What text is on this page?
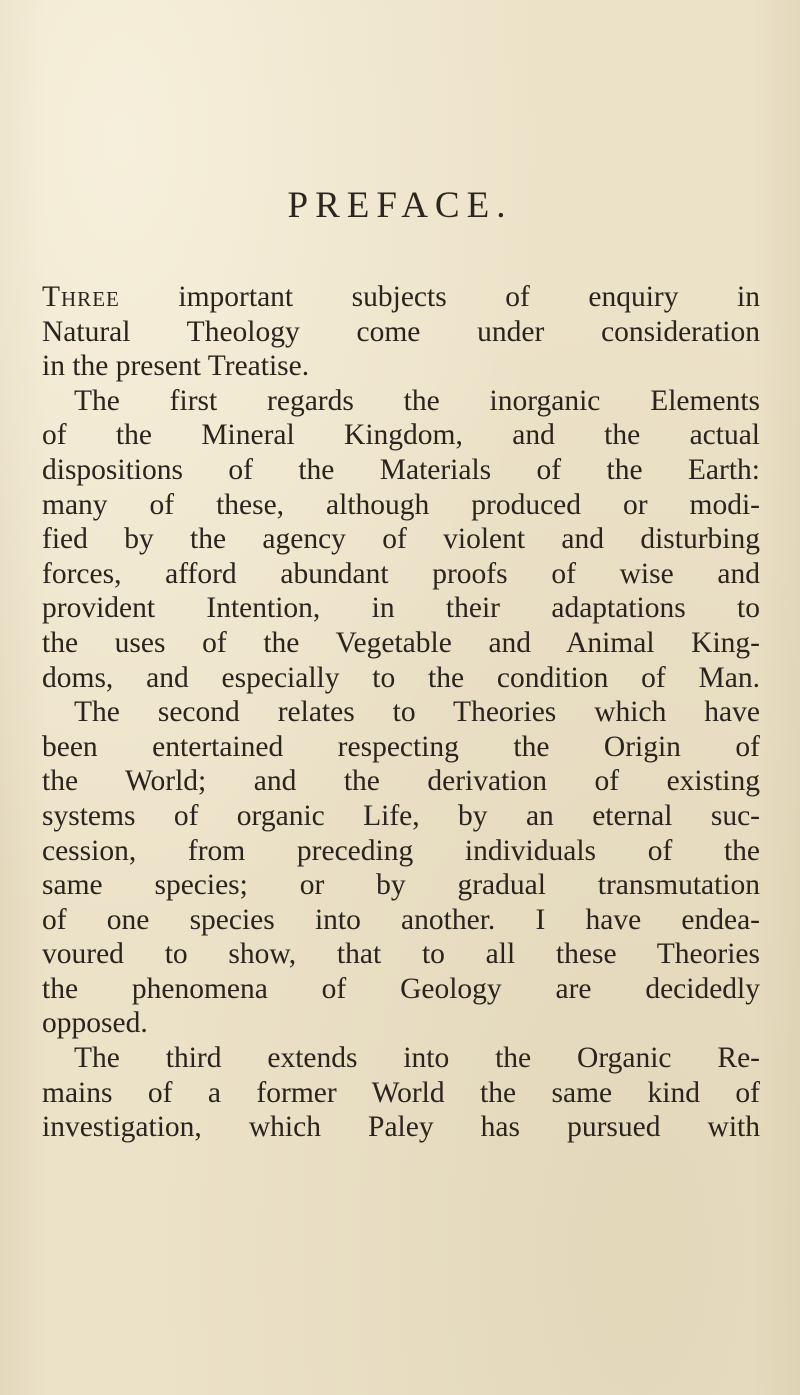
PREFACE.
Three important subjects of enquiry in
Natural Theology come under consideration
in the present Treatise.
The first regards the inorganic Elements
of the Mineral Kingdom, and the actual
dispositions of the Materials of the Earth:
many of these, although produced or modi-
fied by the agency of violent and disturbing
forces, afford abundant proofs of wise and
provident Intention, in their adaptations to
the uses of the Vegetable and Animal King-
doms, and especially to the condition of Man.
The second relates to Theories which have
been entertained respecting the Origin of
the World; and the derivation of existing
systems of organic Life, by an eternal suc-
cession, from preceding individuals of the
same species; or by gradual transmutation
of one species into another. I have endea-
voured to show, that to all these Theories
the phenomena of Geology are decidedly
opposed.
The third extends into the Organic Re-
mains of a former World the same kind of
investigation, which Paley has pursued with
